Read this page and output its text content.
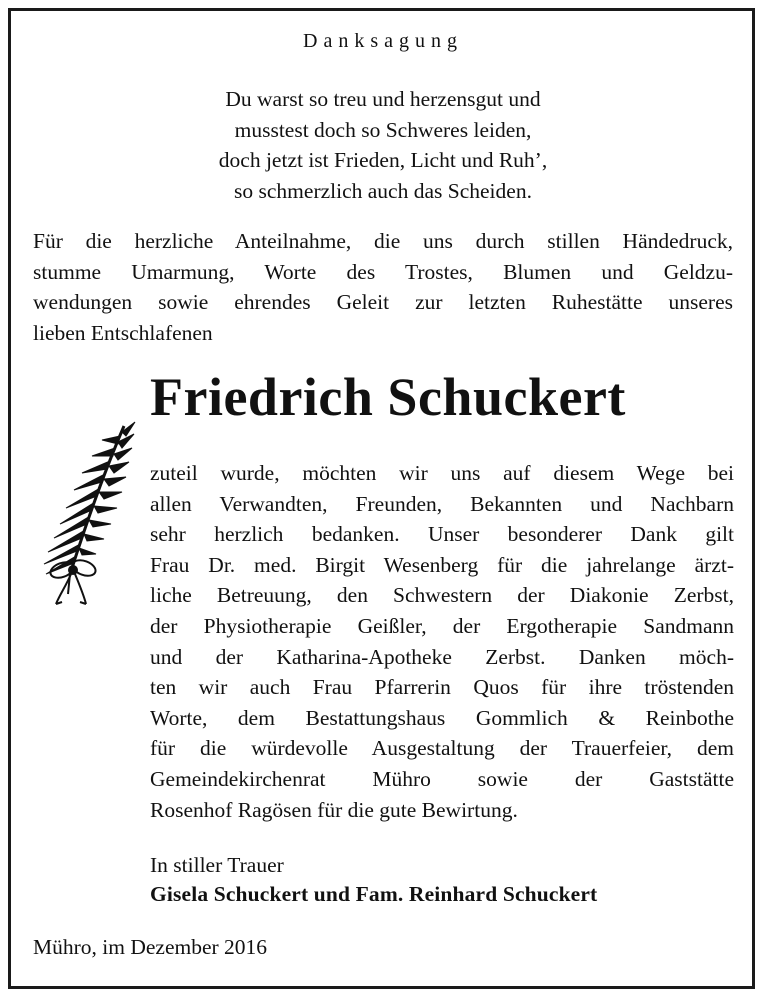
Danksagung
Du warst so treu und herzensgut und
musstest doch so Schweres leiden,
doch jetzt ist Frieden, Licht und Ruh’,
so schmerzlich auch das Scheiden.
Für die herzliche Anteilnahme, die uns durch stillen Händedruck,
stumme Umarmung, Worte des Trostes, Blumen und Geldzu-
wendungen sowie ehrendes Geleit zur letzten Ruhestätte unseres
lieben Entschlafenen
Friedrich Schuckert
zuteil wurde, möchten wir uns auf diesem Wege bei
allen Verwandten, Freunden, Bekannten und Nachbarn
sehr herzlich bedanken. Unser besonderer Dank gilt
Frau Dr. med. Birgit Wesenberg für die jahrelange ärzt-
liche Betreuung, den Schwestern der Diakonie Zerbst,
der Physiotherapie Geißler, der Ergotherapie Sandmann
und der Katharina-Apotheke Zerbst. Danken möch-
ten wir auch Frau Pfarrerin Quos für ihre tröstenden
Worte, dem Bestattungshaus Gommlich & Reinbothe
für die würdevolle Ausgestaltung der Trauerfeier, dem
Gemeindekirchenrat Mühro sowie der Gaststätte
Rosenhof Ragösen für die gute Bewirtung.
In stiller Trauer
Gisela Schuckert und Fam. Reinhard Schuckert
Mühro, im Dezember 2016
